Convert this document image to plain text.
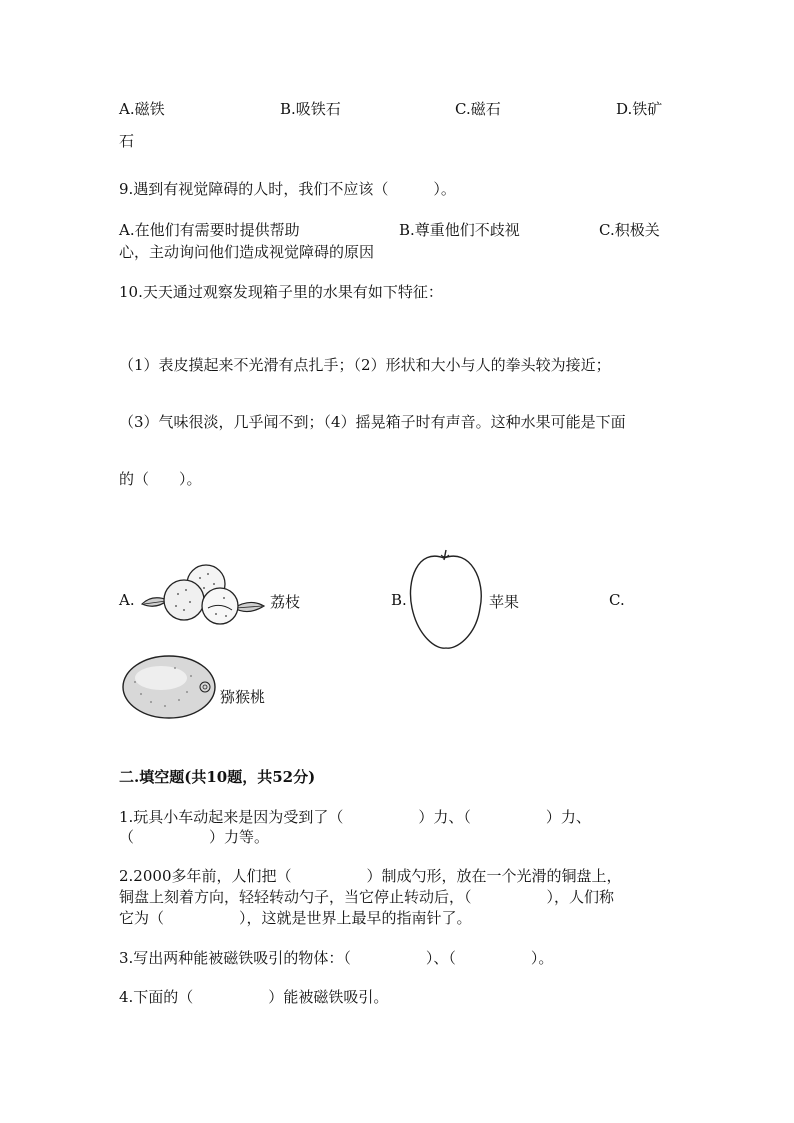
A.磁铁	B.吸铁石	C.磁石	D.铁矿
石
9.遇到有视觉障碍的人时，我们不应该（　　　）。
A.在他们有需要时提供帮助	B.尊重他们不歧视	C.积极关
心，主动询问他们造成视觉障碍的原因
10.天天通过观察发现箱子里的水果有如下特征：
（1）表皮摸起来不光滑有点扎手；（2）形状和大小与人的拳头较为接近；
（3）气味很淡，几乎闻不到；（4）摇晃箱子时有声音。这种水果可能是下面
的（　　）。
A.	荔枝	B.	苹果	C.
猕猴桃
二.填空题(共10题，共52分)
1.玩具小车动起来是因为受到了（　　　　　）力、（　　　　　）力、
（　　　　　）力等。
2.2000多年前，人们把（　　　　　）制成勺形，放在一个光滑的铜盘上，
铜盘上刻着方向，轻轻转动勺子，当它停止转动后，（　　　　　），人们称
它为（　　　　　），这就是世界上最早的指南针了。
3.写出两种能被磁铁吸引的物体：（　　　　　）、（　　　　　）。
4.下面的（　　　　　）能被磁铁吸引。
